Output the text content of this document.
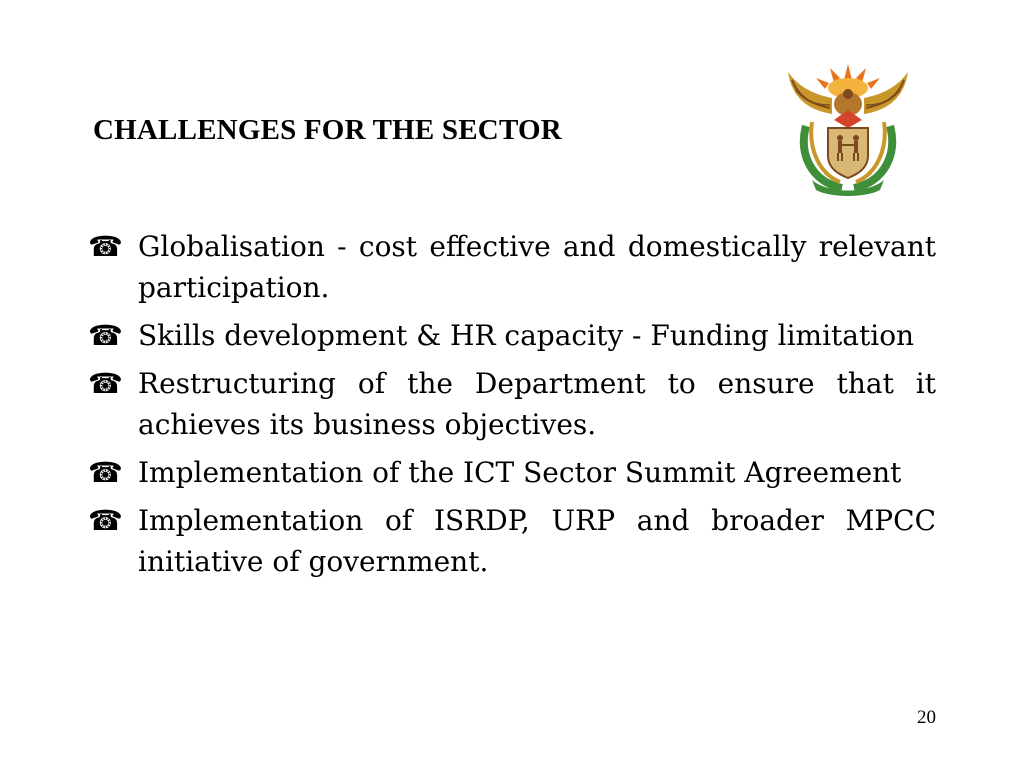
CHALLENGES FOR THE SECTOR
☎ Globalisation - cost effective and domestically relevant participation.
☎ Skills development & HR capacity - Funding limitation
☎ Restructuring of the Department to ensure that it achieves its business objectives.
☎ Implementation of the ICT Sector Summit Agreement
☎ Implementation of ISRDP, URP and broader MPCC initiative of government.
20
